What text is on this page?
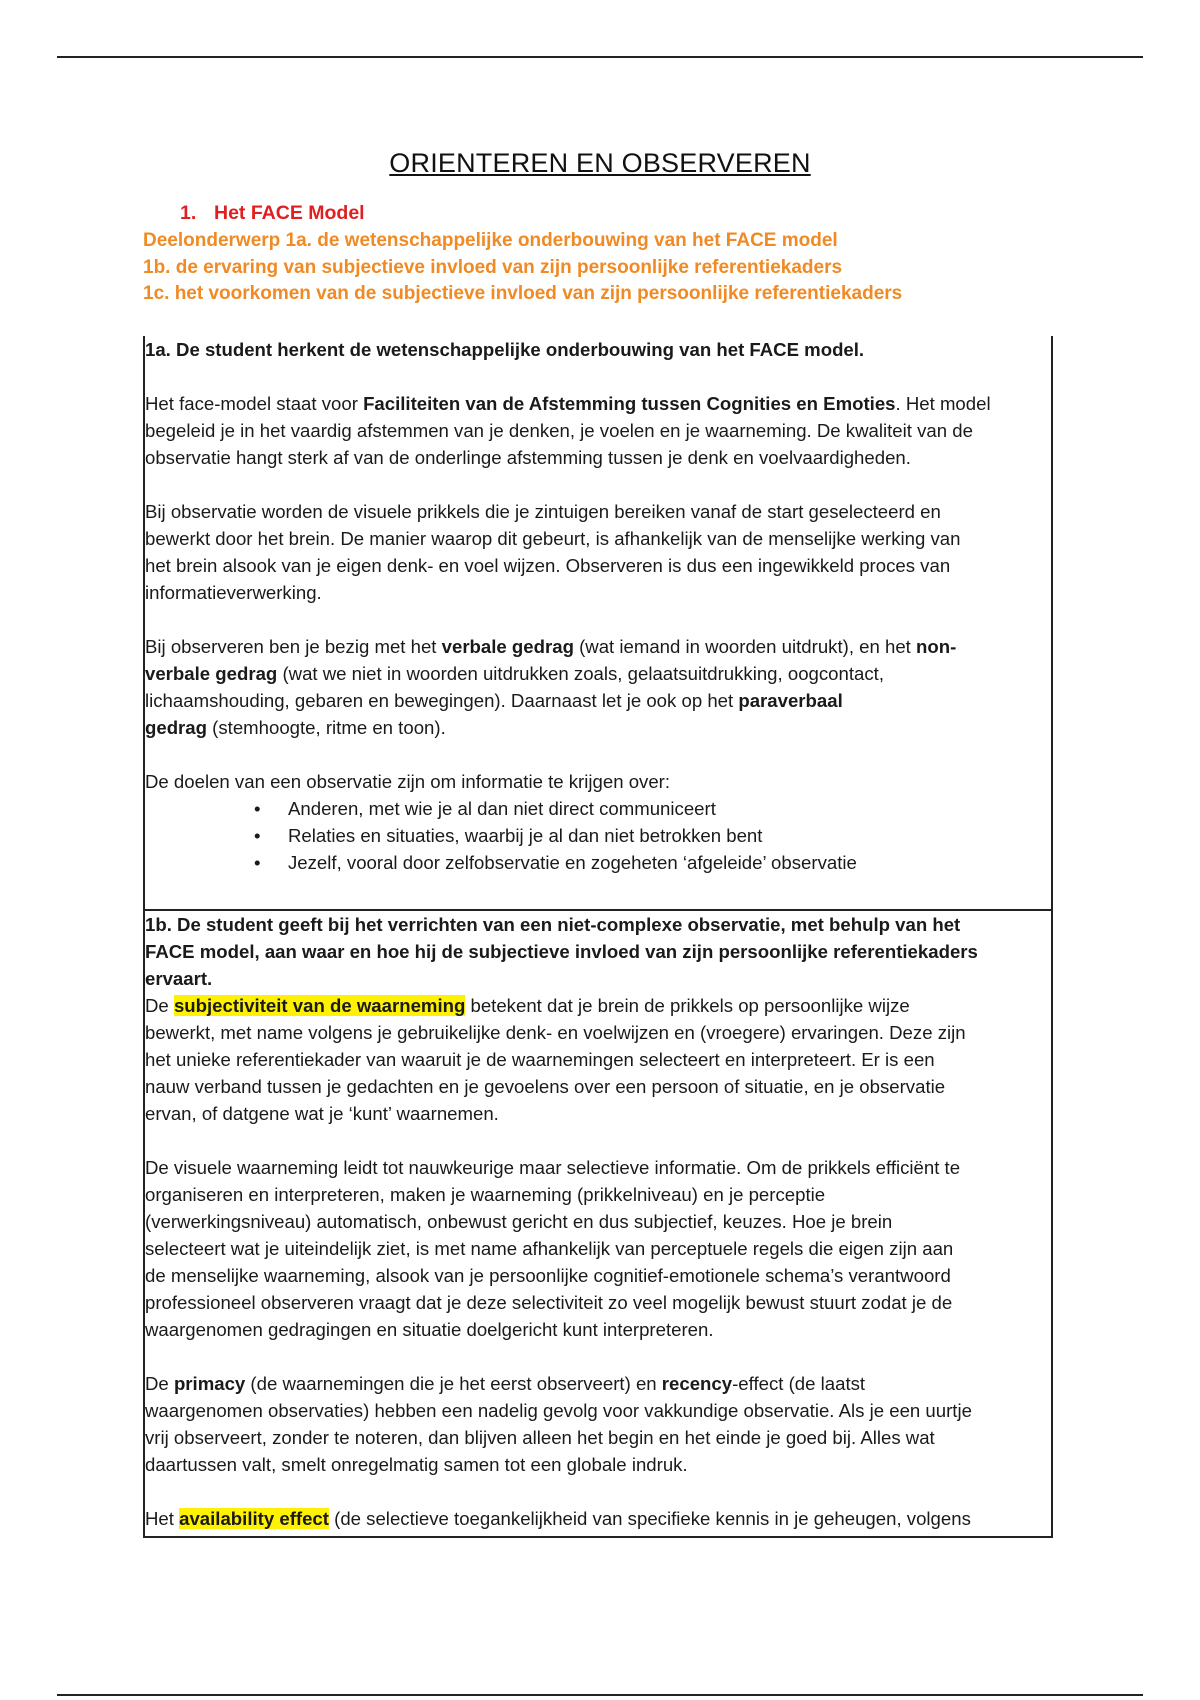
ORIENTEREN EN OBSERVEREN
1. Het FACE Model
Deelonderwerp 1a. de wetenschappelijke onderbouwing van het FACE model
1b. de ervaring van subjectieve invloed van zijn persoonlijke referentiekaders
1c. het voorkomen van de subjectieve invloed van zijn persoonlijke referentiekaders
1a. De student herkent de wetenschappelijke onderbouwing van het FACE model.

Het face-model staat voor Faciliteiten van de Afstemming tussen Cognities en Emoties. Het model

begeleid je in het vaardig afstemmen van je denken, je voelen en je waarneming. De kwaliteit van de

observatie hangt sterk af van de onderlinge afstemming tussen je denk en voelvaardigheden.

Bij observatie worden de visuele prikkels die je zintuigen bereiken vanaf de start geselecteerd en

bewerkt door het brein. De manier waarop dit gebeurt, is afhankelijk van de menselijke werking van

het brein alsook van je eigen denk- en voel wijzen. Observeren is dus een ingewikkeld proces van

informatieverwerking.

Bij observeren ben je bezig met het verbale gedrag (wat iemand in woorden uitdrukt), en het non-

verbale gedrag (wat we niet in woorden uitdrukken zoals, gelaatsuitdrukking, oogcontact,

lichaamshouding, gebaren en bewegingen). Daarnaast let je ook op het paraverbaal

gedrag (stemhoogte, ritme en toon).

De doelen van een observatie zijn om informatie te krijgen over:

• Anderen, met wie je al dan niet direct communiceert
• Relaties en situaties, waarbij je al dan niet betrokken bent
• Jezelf, vooral door zelfobservatie en zogeheten ‘afgeleide’ observatie
1b. De student geeft bij het verrichten van een niet-complexe observatie, met behulp van het
FACE model, aan waar en hoe hij de subjectieve invloed van zijn persoonlijke referentiekaders
ervaart.

De subjectiviteit van de waarneming betekent dat je brein de prikkels op persoonlijke wijze

bewerkt, met name volgens je gebruikelijke denk- en voelwijzen en (vroegere) ervaringen. Deze zijn

het unieke referentiekader van waaruit je de waarnemingen selecteert en interpreteert. Er is een

nauw verband tussen je gedachten en je gevoelens over een persoon of situatie, en je observatie

ervan, of datgene wat je ‘kunt’ waarnemen.

De visuele waarneming leidt tot nauwkeurige maar selectieve informatie. Om de prikkels efficiënt te

organiseren en interpreteren, maken je waarneming (prikkelniveau) en je perceptie

(verwerkingsniveau) automatisch, onbewust gericht en dus subjectief, keuzes. Hoe je brein

selecteert wat je uiteindelijk ziet, is met name afhankelijk van perceptuele regels die eigen zijn aan

de menselijke waarneming, alsook van je persoonlijke cognitief-emotionele schema’s verantwoord

professioneel observeren vraagt dat je deze selectiviteit zo veel mogelijk bewust stuurt zodat je de

waargenomen gedragingen en situatie doelgericht kunt interpreteren.

De primacy (de waarnemingen die je het eerst observeert) en recency-effect (de laatst

waargenomen observaties) hebben een nadelig gevolg voor vakkundige observatie. Als je een uurtje

vrij observeert, zonder te noteren, dan blijven alleen het begin en het einde je goed bij. Alles wat

daartussen valt, smelt onregelmatig samen tot een globale indruk.

Het availability effect (de selectieve toegankelijkheid van specifieke kennis in je geheugen, volgens
